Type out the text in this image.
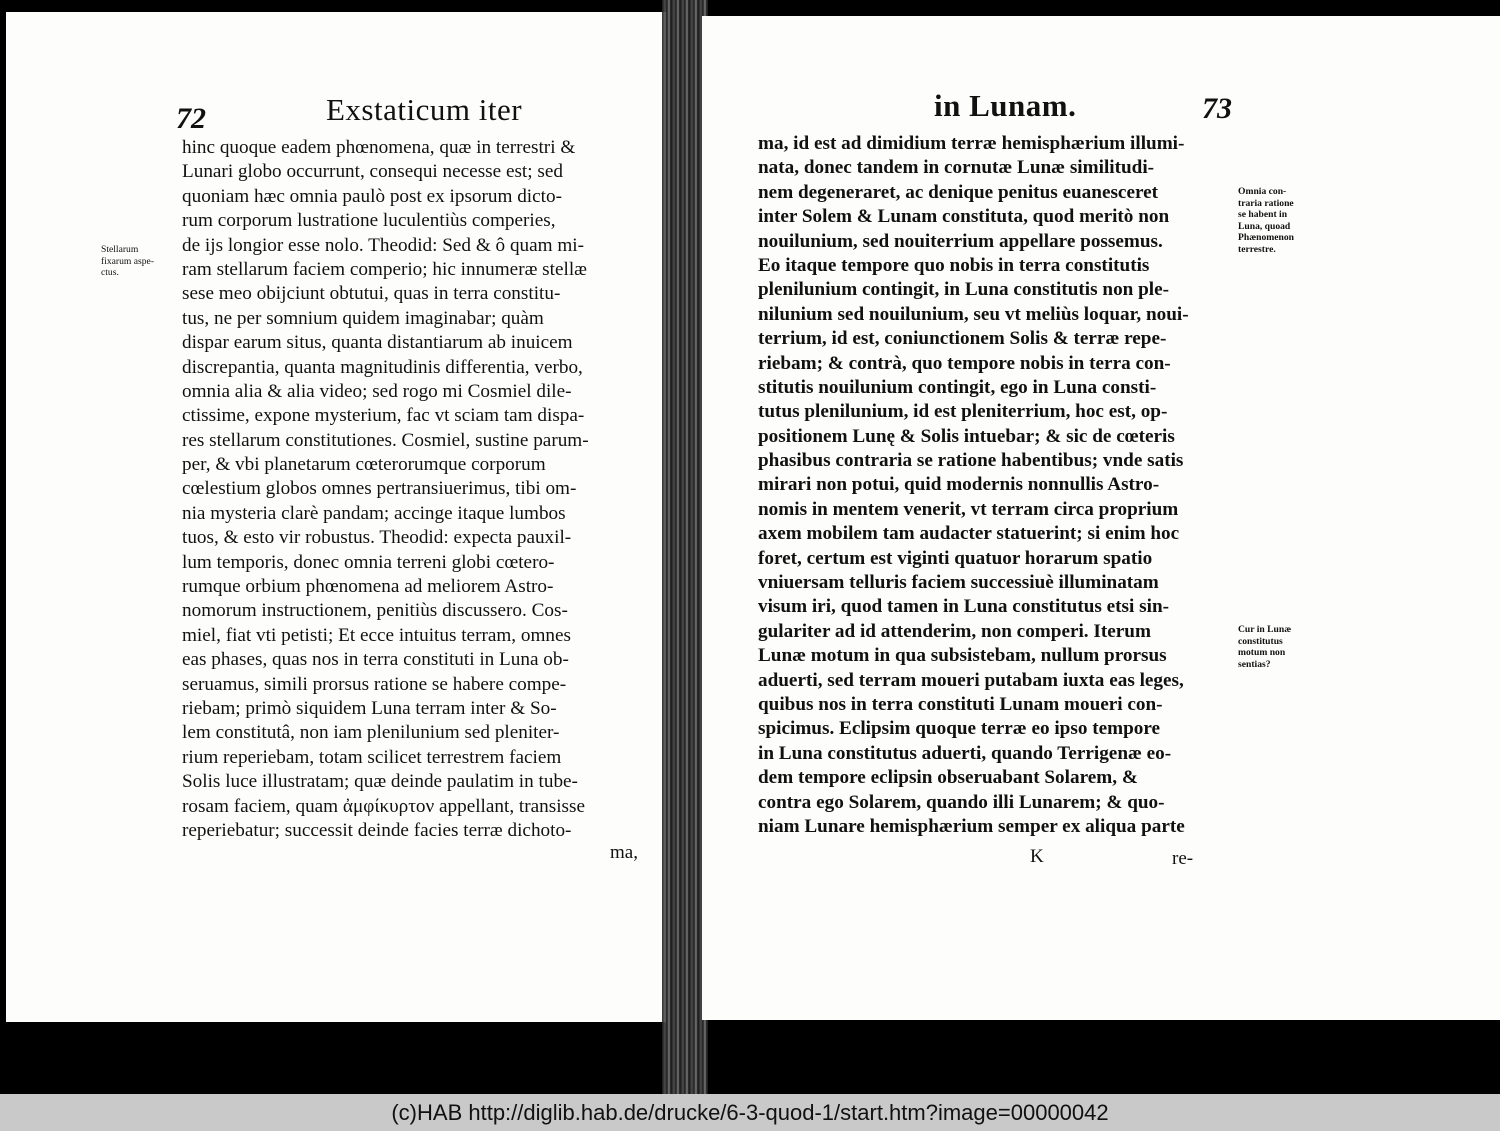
72	Exstaticum iter
hinc quoque eadem phœnomena, quæ in terrestri &
Lunari globo occurrunt, consequi necesse est; sed
quoniam hæc omnia paulò post ex ipsorum dicto-
rum corporum lustratione luculentiùs comperies,
de ijs longior esse nolo. Theodid: Sed & ô quam mi-
ram stellarum faciem comperio; hic innumeræ stellæ
sese meo obijciunt obtutui, quas in terra constitu-
tus, ne per somnium quidem imaginabar; quàm
dispar earum situs, quanta distantiarum ab inuicem
discrepantia, quanta magnitudinis differentia, verbo,
omnia alia & alia video; sed rogo mi Cosmiel dile-
ctissime, expone mysterium, fac vt sciam tam dispa-
res stellarum constitutiones. Cosmiel, sustine parum-
per, & vbi planetarum cœterorumque corporum
cœlestium globos omnes pertransiuerimus, tibi om-
nia mysteria clarè pandam; accinge itaque lumbos
tuos, & esto vir robustus. Theodid: expecta pauxil-
lum temporis, donec omnia terreni globi cœtero-
rumque orbium phœnomena ad meliorem Astro-
nomorum instructionem, penitiùs discussero. Cos-
miel, fiat vti petisti; Et ecce intuitus terram, omnes
eas phases, quas nos in terra constituti in Luna ob-
seruamus, simili prorsus ratione se habere compe-
riebam; primò siquidem Luna terram inter & So-
lem constitutâ, non iam plenilunium sed pleniter-
rium reperiebam, totam scilicet terrestrem faciem
Solis luce illustratam; quæ deinde paulatim in tube-
rosam faciem, quam ἀμφίκυρτον appellant, transisse
reperiebatur; successit deinde facies terræ dichoto-
Stellarum
fixarum aspe-
ctus.
ma,
in Lunam.	73
ma, id est ad dimidium terræ hemisphærium illumi-
nata, donec tandem in cornutæ Lunæ similitudi-
nem degeneraret, ac denique penitus euanesceret
inter Solem & Lunam constituta, quod meritò non
nouilunium, sed nouiterrium appellare possemus.
Eo itaque tempore quo nobis in terra constitutis
plenilunium contingit, in Luna constitutis non ple-
nilunium sed nouilunium, seu vt meliùs loquar, noui-
terrium, id est, coniunctionem Solis & terræ repe-
riebam; & contrà, quo tempore nobis in terra con-
stitutis nouilunium contingit, ego in Luna consti-
tutus plenilunium, id est pleniterrium, hoc est, op-
positionem Lunę & Solis intuebar; & sic de cœteris
phasibus contraria se ratione habentibus; vnde satis
mirari non potui, quid modernis nonnullis Astro-
nomis in mentem venerit, vt terram circa proprium
axem mobilem tam audacter statuerint; si enim hoc
foret, certum est viginti quatuor horarum spatio
vniuersam telluris faciem successiuè illuminatam
visum iri, quod tamen in Luna constitutus etsi sin-
gulariter ad id attenderim, non comperi. Iterum
Lunæ motum in qua subsistebam, nullum prorsus
aduerti, sed terram moueri putabam iuxta eas leges,
quibus nos in terra constituti Lunam moueri con-
spicimus. Eclipsim quoque terræ eo ipso tempore
in Luna constitutus aduerti, quando Terrigenæ eo-
dem tempore eclipsin obseruabant Solarem, &
contra ego Solarem, quando illi Lunarem; & quo-
niam Lunare hemisphærium semper ex aliqua parte
Omnia con-
traria ratione
se habent in
Luna, quoad
Phænomenon
terrestre.
Cur in Lunæ
constitutus
motum non
sentias?
K	re-
(c)HAB http://diglib.hab.de/drucke/6-3-quod-1/start.htm?image=00000042
